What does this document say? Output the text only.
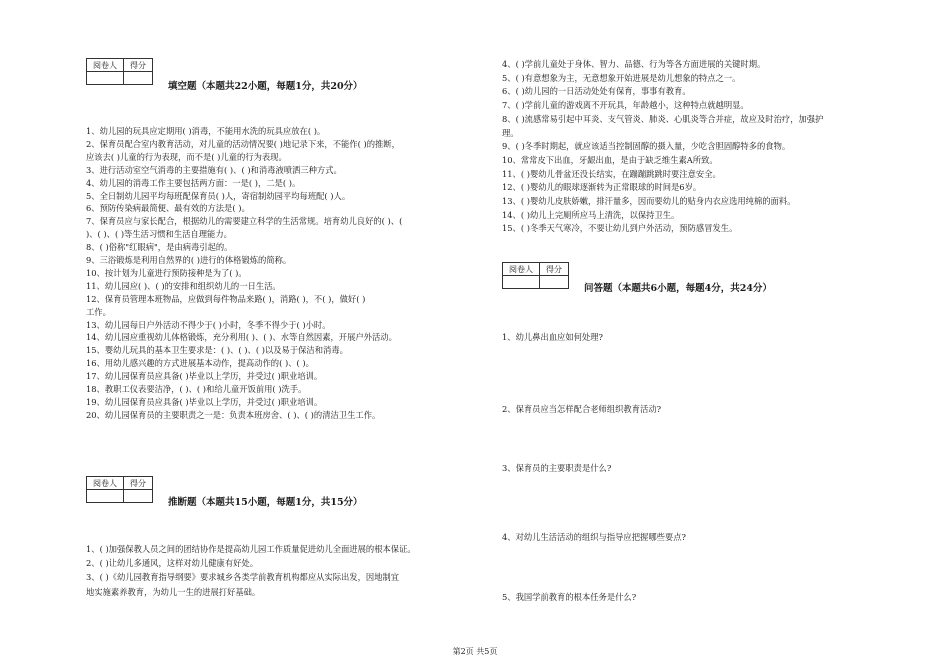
阅卷人	得分

填空题（本题共22小题，每题1分，共20分）
1、幼儿园的玩具应定期用( )消毒，不能用水洗的玩具应放在( )。
2、保育员配合室内教育活动，对儿童的活动情况要( )地记录下来，不能作( )的推断，
应该去( )儿童的行为表现，而不是( )儿童的行为表现。
3、进行活动室空气消毒的主要措施有( )、( )和消毒液喷洒三种方式。
4、幼儿园的消毒工作主要包括两方面：一是( )，二是( )。
5、全日制幼儿园平均每班配保育员( )人，寄宿制幼园平均每班配( )人。
6、预防传染病最简便、最有效的方法是( )。
7、保育员应与家长配合，根据幼儿的需要建立科学的生活常规。培育幼儿良好的( )、(
)、( )、( )等生活习惯和生活自理能力。
8、( )俗称"红眼病"，是由病毒引起的。
9、三浴锻炼是利用自然界的( )进行的体格锻炼的简称。
10、按计划为儿童进行预防接种是为了( )。
11、幼儿园应( )、( )的安排和组织幼儿的一日生活。
12、保育员管理本班物品，应做到每件物品来路( )，消路( )，不( )，做好( )
工作。
13、幼儿园每日户外活动不得少于( )小时，冬季不得少于( )小时。
14、幼儿园应重视幼儿体格锻炼，充分利用( )、( )、水等自然因素，开展户外活动。
15、婴幼儿玩具的基本卫生要求是：( )、( )、( )以及易于保洁和消毒。
16、用幼儿感兴趣的方式进展基本动作，提高动作的( )、( )。
17、幼儿园保育员应具备( )毕业以上学历，并受过( )职业培训。
18、教职工仪表要洁净，( )、( )和给儿童开饭前用( )洗手。
19、幼儿园保育员应具备( )毕业以上学历，并受过( )职业培训。
20、幼儿园保育员的主要职责之一是：负责本班房舍、( )、( )的清洁卫生工作。
阅卷人	得分

推断题（本题共15小题，每题1分，共15分）
1、( )加强保教人员之间的团结协作是提高幼儿园工作质量促进幼儿全面进展的根本保证。
2、( )让幼儿多通风，这样对幼儿健康有好处。
3、( )《幼儿园教育指导纲要》要求城乡各类学前教育机构都应从实际出发，因地制宜
地实施素养教育，为幼儿一生的进展打好基础。
4、( )学前儿童处于身体、智力、品德、行为等各方面进展的关键时期。
5、( )有意想象为主，无意想象开始进展是幼儿想象的特点之一。
6、( )幼儿园的一日活动处处有保育，事事有教育。
7、( )学前儿童的游戏离不开玩具，年龄越小，这种特点就越明显。
8、( )流感常易引起中耳炎、支气管炎、肺炎、心肌炎等合并症，故应及时治疗，加强护
理。
9、( )冬季时期起，就应该适当控制固醇的摄入量，少吃含胆固醇特多的食物。
10、常常皮下出血，牙龈出血，是由于缺乏维生素A所致。
11、( )婴幼儿骨盆还没长结实，在蹦蹦跳跳时要注意安全。
12、( )婴幼儿的眼球逐渐转为正常眼球的时间是6岁。
13、( )婴幼儿皮肤娇嫩，排汗量多，因而要幼儿的贴身内衣应选用纯棉的面料。
14、( )幼儿上完厕所应马上清洗，以保持卫生。
15、( )冬季天气寒冷，不要让幼儿到户外活动，预防感冒发生。
阅卷人	得分

问答题（本题共6小题，每题4分，共24分）
1、幼儿鼻出血应如何处理?
2、保育员应当怎样配合老师组织教育活动?
3、保育员的主要职责是什么?
4、对幼儿生活活动的组织与指导应把握哪些要点?
5、我国学前教育的根本任务是什么?
第2页 共5页
